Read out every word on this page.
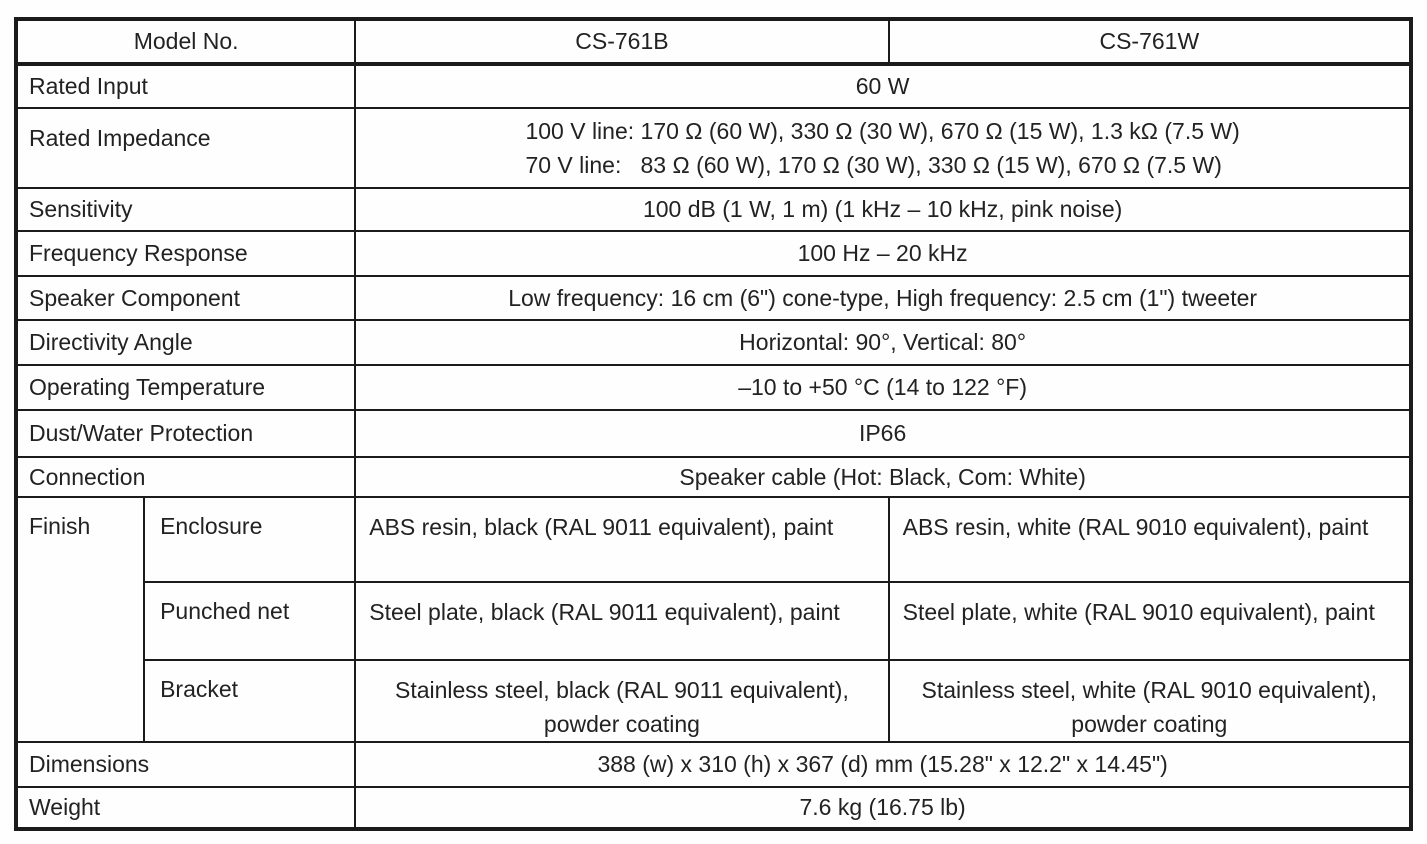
Model No.		CS-761B	CS-761W
Rated Input		60 W	
Rated Impedance		100 V line: 170 Ω (60 W), 330 Ω (30 W), 670 Ω (15 W), 1.3 kΩ (7.5 W)
70 V line:   83 Ω (60 W), 170 Ω (30 W), 330 Ω (15 W), 670 Ω (7.5 W)	

Sensitivity		100 dB (1 W, 1 m) (1 kHz – 10 kHz, pink noise)	
Frequency Response		100 Hz – 20 kHz	
Speaker Component		Low frequency: 16 cm (6") cone-type, High frequency: 2.5 cm (1") tweeter	
Directivity Angle		Horizontal: 90°, Vertical: 80°	
Operating Temperature		–10 to +50 °C (14 to 122 °F)	
Dust/Water Protection		IP66	
Connection		Speaker cable (Hot: Black, Com: White)	
Finish	Enclosure	ABS resin, black (RAL 9011 equivalent), paint	ABS resin, white (RAL 9010 equivalent), paint

	Punched net	Steel plate, black (RAL 9011 equivalent), paint	Steel plate, white (RAL 9010 equivalent), paint

	Bracket	Stainless steel, black (RAL 9011 equivalent), powder coating	Stainless steel, white (RAL 9010 equivalent), powder coating
Dimensions		388 (w) x 310 (h) x 367 (d) mm (15.28" x 12.2" x 14.45")	
Weight		7.6 kg (16.75 lb)	
